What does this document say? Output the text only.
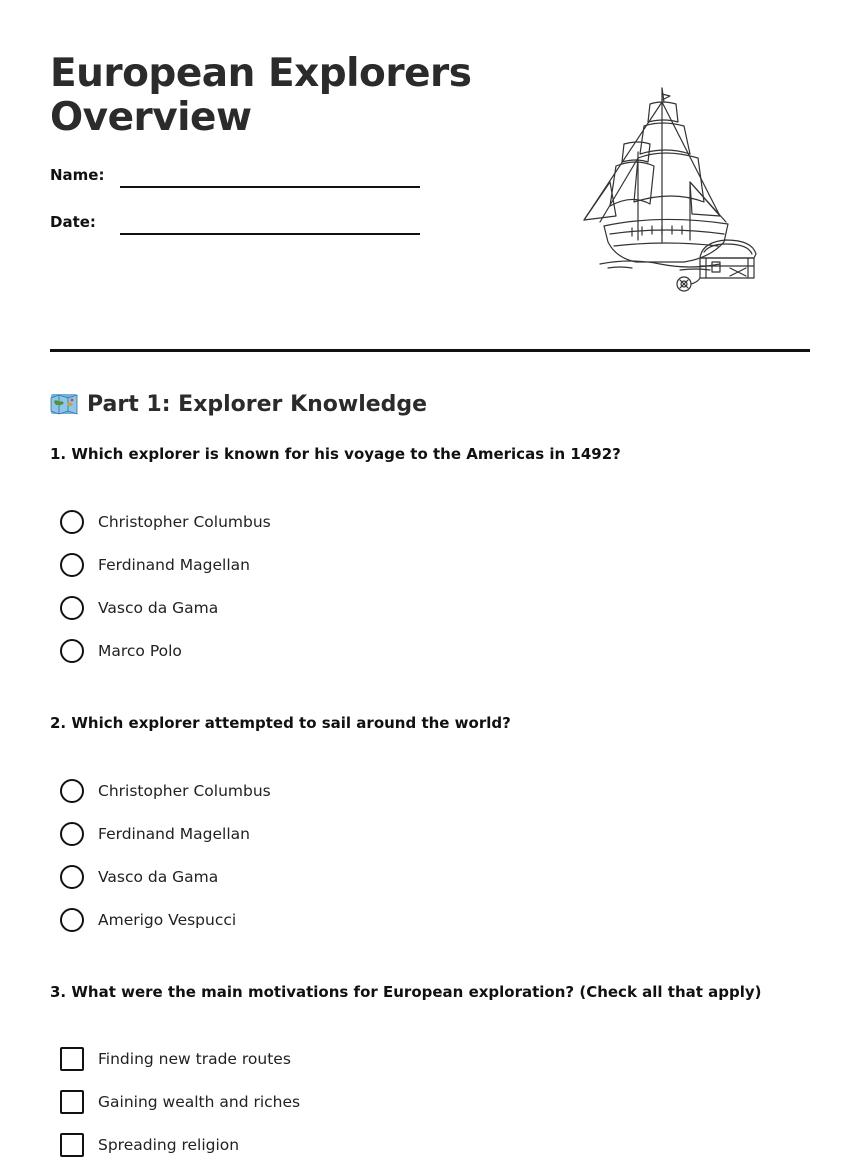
European Explorers Overview
Name:
Date:
Part 1: Explorer Knowledge
1. Which explorer is known for his voyage to the Americas in 1492?
Christopher Columbus
Ferdinand Magellan
Vasco da Gama
Marco Polo
2. Which explorer attempted to sail around the world?
Christopher Columbus
Ferdinand Magellan
Vasco da Gama
Amerigo Vespucci
3. What were the main motivations for European exploration? (Check all that apply)
Finding new trade routes
Gaining wealth and riches
Spreading religion
